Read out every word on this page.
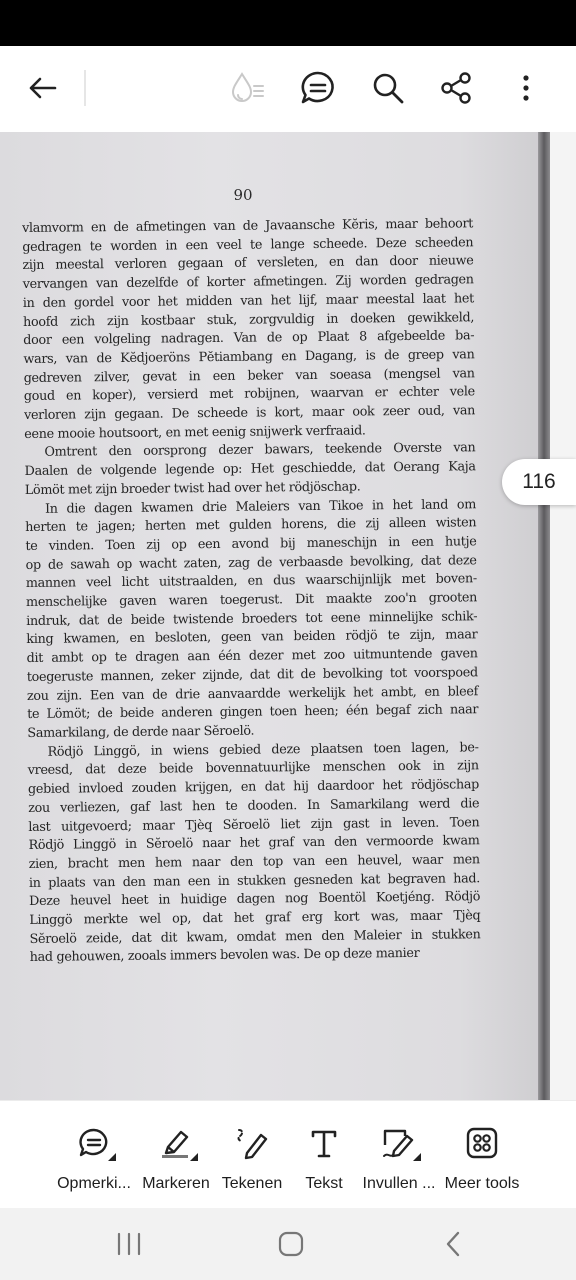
90

vlamvorm en de afmetingen van de Javaansche Kĕris, maar behoort

gedragen te worden in een veel te lange scheede. Deze scheeden

zijn meestal verloren gegaan of versleten, en dan door nieuwe

vervangen van dezelfde of korter afmetingen. Zij worden gedragen

in den gordel voor het midden van het lijf, maar meestal laat het

hoofd zich zijn kostbaar stuk, zorgvuldig in doeken gewikkeld,

door een volgeling nadragen. Van de op Plaat 8 afgebeelde ba-

wars, van de Kĕdjoeröns Pĕtiambang en Dagang, is de greep van

gedreven zilver, gevat in een beker van soeasa (mengsel van

goud en koper), versierd met robijnen, waarvan er echter vele

verloren zijn gegaan. De scheede is kort, maar ook zeer oud, van

eene mooie houtsoort, en met eenig snijwerk verfraaid.

Omtrent den oorsprong dezer bawars, teekende Overste van

Daalen de volgende legende op: Het geschiedde, dat Oerang Kaja

Lömöt met zijn broeder twist had over het rödjöschap.

In die dagen kwamen drie Maleiers van Tikoe in het land om

herten te jagen; herten met gulden horens, die zij alleen wisten

te vinden. Toen zij op een avond bij maneschijn in een hutje

op de sawah op wacht zaten, zag de verbaasde bevolking, dat deze

mannen veel licht uitstraalden, en dus waarschijnlijk met boven-

menschelijke gaven waren toegerust. Dit maakte zoo'n grooten

indruk, dat de beide twistende broeders tot eene minnelijke schik-

king kwamen, en besloten, geen van beiden rödjö te zijn, maar

dit ambt op te dragen aan één dezer met zoo uitmuntende gaven

toegeruste mannen, zeker zijnde, dat dit de bevolking tot voorspoed

zou zijn. Een van de drie aanvaardde werkelijk het ambt, en bleef

te Lömöt; de beide anderen gingen toen heen; één begaf zich naar

Samarkilang, de derde naar Sĕroelö.

Rödjö Linggö, in wiens gebied deze plaatsen toen lagen, be-

vreesd, dat deze beide bovennatuurlijke menschen ook in zijn

gebied invloed zouden krijgen, en dat hij daardoor het rödjöschap

zou verliezen, gaf last hen te dooden. In Samarkilang werd die

last uitgevoerd; maar Tjèq Sĕroelö liet zijn gast in leven. Toen

Rödjö Linggö in Sĕroelö naar het graf van den vermoorde kwam

zien, bracht men hem naar den top van een heuvel, waar men

in plaats van den man een in stukken gesneden kat begraven had.

Deze heuvel heet in huidige dagen nog Boentöl Koetjéng. Rödjö

Linggö merkte wel op, dat het graf erg kort was, maar Tjèq

Sĕroelö zeide, dat dit kwam, omdat men den Maleier in stukken

had gehouwen, zooals immers bevolen was. De op deze manier

116
Opmerki... Markeren Tekenen Tekst Invullen ... Meer tools
